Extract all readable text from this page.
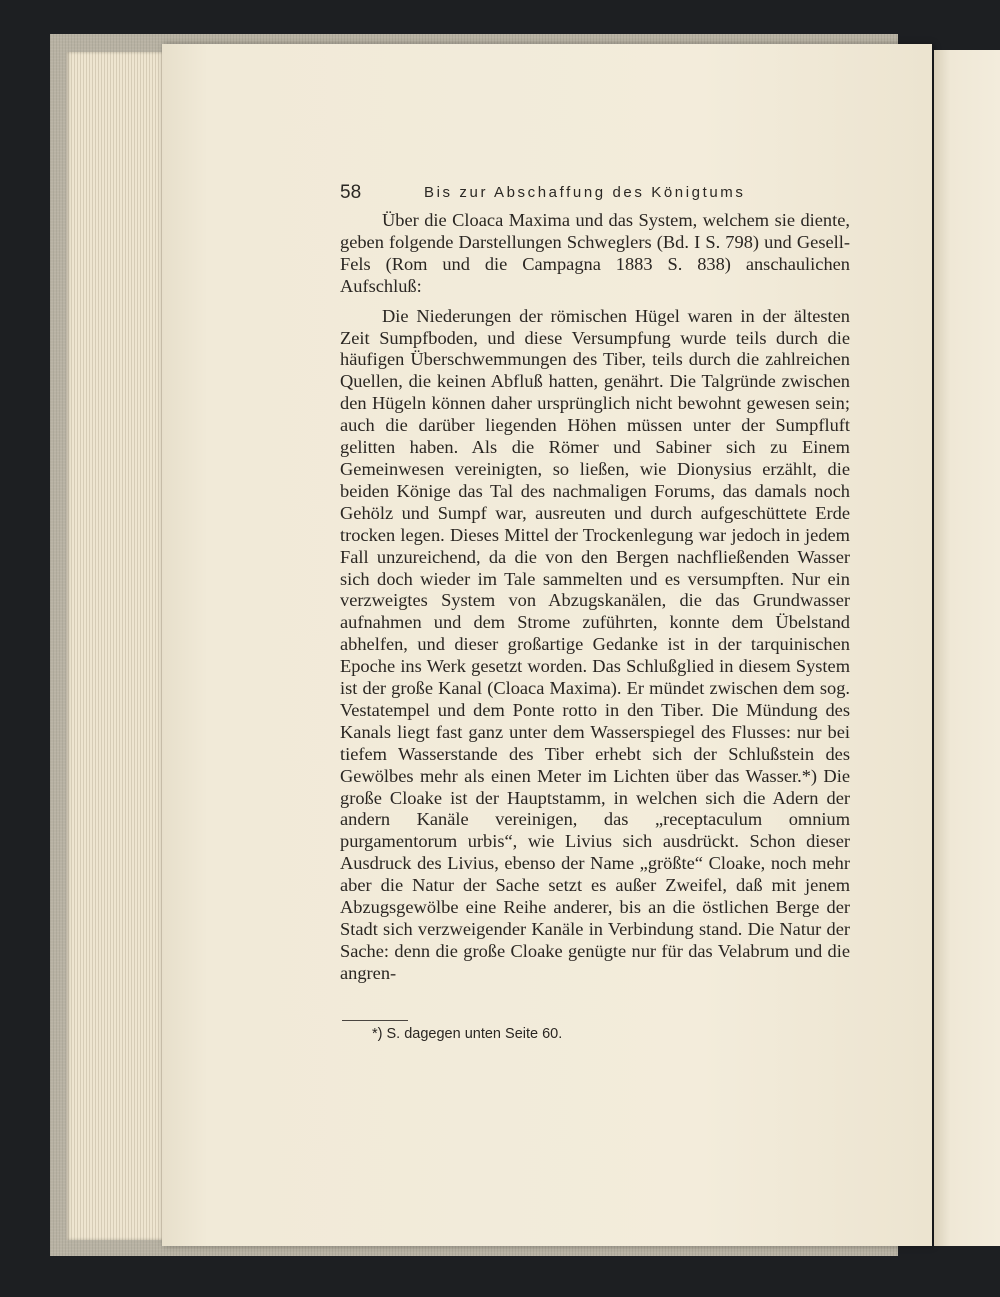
58	Bis zur Abschaffung des Königtums

Über die Cloaca Maxima und das System, welchem sie diente, geben folgende Darstellungen Schweglers (Bd. I S. 798) und Gesell-Fels (Rom und die Campagna 1883 S. 838) anschaulichen Aufschluß:

Die Niederungen der römischen Hügel waren in der ältesten Zeit Sumpfboden, und diese Versumpfung wurde teils durch die häufigen Überschwemmungen des Tiber, teils durch die zahlreichen Quellen, die keinen Abfluß hatten, genährt. Die Talgründe zwischen den Hügeln können daher ursprünglich nicht bewohnt gewesen sein; auch die darüber liegenden Höhen müssen unter der Sumpfluft gelitten haben. Als die Römer und Sabiner sich zu Einem Gemeinwesen vereinigten, so ließen, wie Dionysius erzählt, die beiden Könige das Tal des nachmaligen Forums, das damals noch Gehölz und Sumpf war, ausreuten und durch aufgeschüttete Erde trocken legen. Dieses Mittel der Trockenlegung war jedoch in jedem Fall unzureichend, da die von den Bergen nachfließenden Wasser sich doch wieder im Tale sammelten und es versumpften. Nur ein verzweigtes System von Abzugskanälen, die das Grundwasser aufnahmen und dem Strome zuführten, konnte dem Übelstand abhelfen, und dieser großartige Gedanke ist in der tarquinischen Epoche ins Werk gesetzt worden. Das Schlußglied in diesem System ist der große Kanal (Cloaca Maxima). Er mündet zwischen dem sog. Vestatempel und dem Ponte rotto in den Tiber. Die Mündung des Kanals liegt fast ganz unter dem Wasserspiegel des Flusses: nur bei tiefem Wasserstande des Tiber erhebt sich der Schlußstein des Gewölbes mehr als einen Meter im Lichten über das Wasser.*) Die große Cloake ist der Hauptstamm, in welchen sich die Adern der andern Kanäle vereinigen, das „receptaculum omnium purgamentorum urbis“, wie Livius sich ausdrückt. Schon dieser Ausdruck des Livius, ebenso der Name „größte“ Cloake, noch mehr aber die Natur der Sache setzt es außer Zweifel, daß mit jenem Abzugsgewölbe eine Reihe anderer, bis an die östlichen Berge der Stadt sich verzweigender Kanäle in Verbindung stand. Die Natur der Sache: denn die große Cloake genügte nur für das Velabrum und die angren-

*) S. dagegen unten Seite 60.
